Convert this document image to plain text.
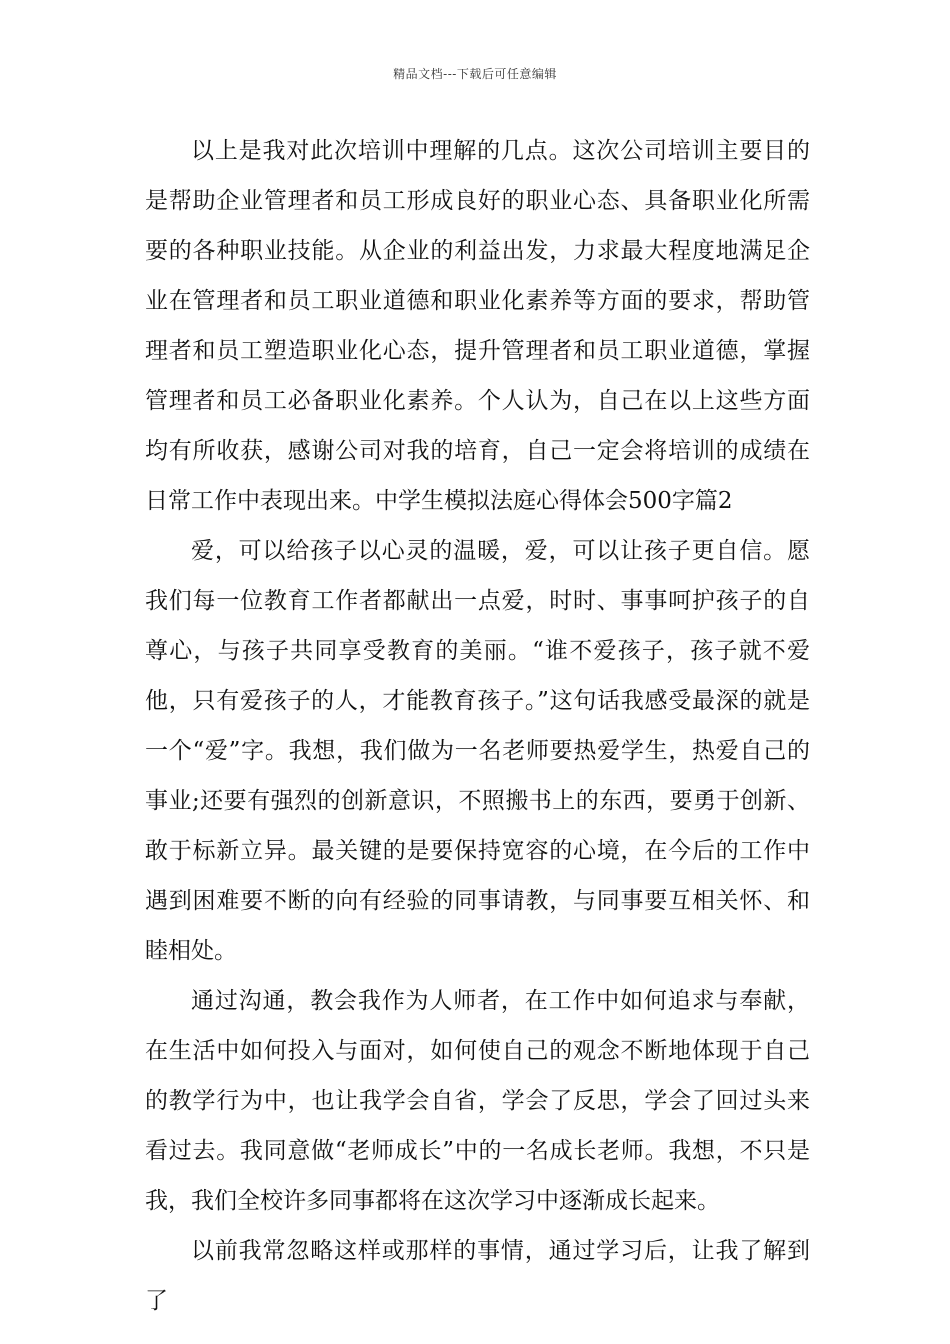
精品文档---下载后可任意编辑

以上是我对此次培训中理解的几点。这次公司培训主要目的是帮助企业管理者和员工形成良好的职业心态、具备职业化所需要的各种职业技能。从企业的利益出发，力求最大程度地满足企业在管理者和员工职业道德和职业化素养等方面的要求，帮助管理者和员工塑造职业化心态，提升管理者和员工职业道德，掌握管理者和员工必备职业化素养。个人认为，自己在以上这些方面均有所收获，感谢公司对我的培育，自己一定会将培训的成绩在日常工作中表现出来。中学生模拟法庭心得体会500字篇2

爱，可以给孩子以心灵的温暖，爱，可以让孩子更自信。愿我们每一位教育工作者都献出一点爱，时时、事事呵护孩子的自尊心，与孩子共同享受教育的美丽。“谁不爱孩子，孩子就不爱他，只有爱孩子的人，才能教育孩子。”这句话我感受最深的就是一个“爱”字。我想，我们做为一名老师要热爱学生，热爱自己的事业;还要有强烈的创新意识，不照搬书上的东西，要勇于创新、敢于标新立异。最关键的是要保持宽容的心境，在今后的工作中遇到困难要不断的向有经验的同事请教，与同事要互相关怀、和睦相处。

通过沟通，教会我作为人师者，在工作中如何追求与奉献，在生活中如何投入与面对，如何使自己的观念不断地体现于自己的教学行为中，也让我学会自省，学会了反思，学会了回过头来看过去。我同意做“老师成长”中的一名成长老师。我想，不只是我，我们全校许多同事都将在这次学习中逐渐成长起来。

以前我常忽略这样或那样的事情，通过学习后，让我了解到了
